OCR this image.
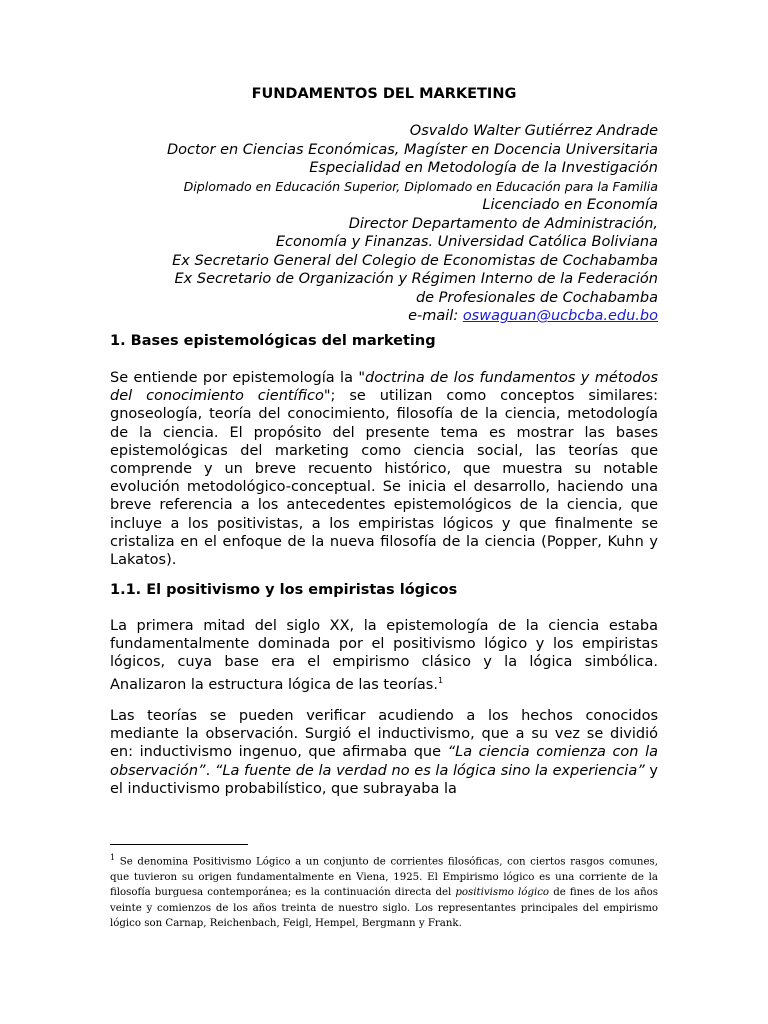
FUNDAMENTOS DEL MARKETING
Osvaldo Walter Gutiérrez Andrade
Doctor en Ciencias Económicas, Magíster en Docencia Universitaria
Especialidad en Metodología de la Investigación
Diplomado en Educación Superior, Diplomado en Educación para la Familia
Licenciado en Economía
Director Departamento de Administración,
Economía y Finanzas. Universidad Católica Boliviana
Ex Secretario General del Colegio de Economistas de Cochabamba
Ex Secretario de Organización y Régimen Interno de la Federación
de Profesionales de Cochabamba
e-mail: oswaguan@ucbcba.edu.bo
1. Bases epistemológicas del marketing
Se entiende por epistemología la "doctrina de los fundamentos y métodos del conocimiento científico"; se utilizan como conceptos similares: gnoseología, teoría del conocimiento, filosofía de la ciencia, metodología de la ciencia. El propósito del presente tema es mostrar las bases epistemológicas del marketing como ciencia social, las teorías que comprende y un breve recuento histórico, que muestra su notable evolución metodológico-conceptual. Se inicia el desarrollo, haciendo una breve referencia a los antecedentes epistemológicos de la ciencia, que incluye a los positivistas, a los empiristas lógicos y que finalmente se cristaliza en el enfoque de la nueva filosofía de la ciencia (Popper, Kuhn y Lakatos).
1.1. El positivismo y los empiristas lógicos
La primera mitad del siglo XX, la epistemología de la ciencia estaba fundamentalmente dominada por el positivismo lógico y los empiristas lógicos, cuya base era el empirismo clásico y la lógica simbólica. Analizaron la estructura lógica de las teorías.$^1$
Las teorías se pueden verificar acudiendo a los hechos conocidos mediante la observación. Surgió el inductivismo, que a su vez se dividió en: inductivismo ingenuo, que afirmaba que “La ciencia comienza con la observación”. “La fuente de la verdad no es la lógica sino la experiencia” y el inductivismo probabilístico, que subrayaba la
$^1$ Se denomina Positivismo Lógico a un conjunto de corrientes filosóficas, con ciertos rasgos comunes, que tuvieron su origen fundamentalmente en Viena, 1925. El Empirismo lógico es una corriente de la filosofía burguesa contemporánea; es la continuación directa del positivismo lógico de fines de los años veinte y comienzos de los años treinta de nuestro siglo. Los representantes principales del empirismo lógico son Carnap, Reichenbach, Feigl, Hempel, Bergmann y Frank.
